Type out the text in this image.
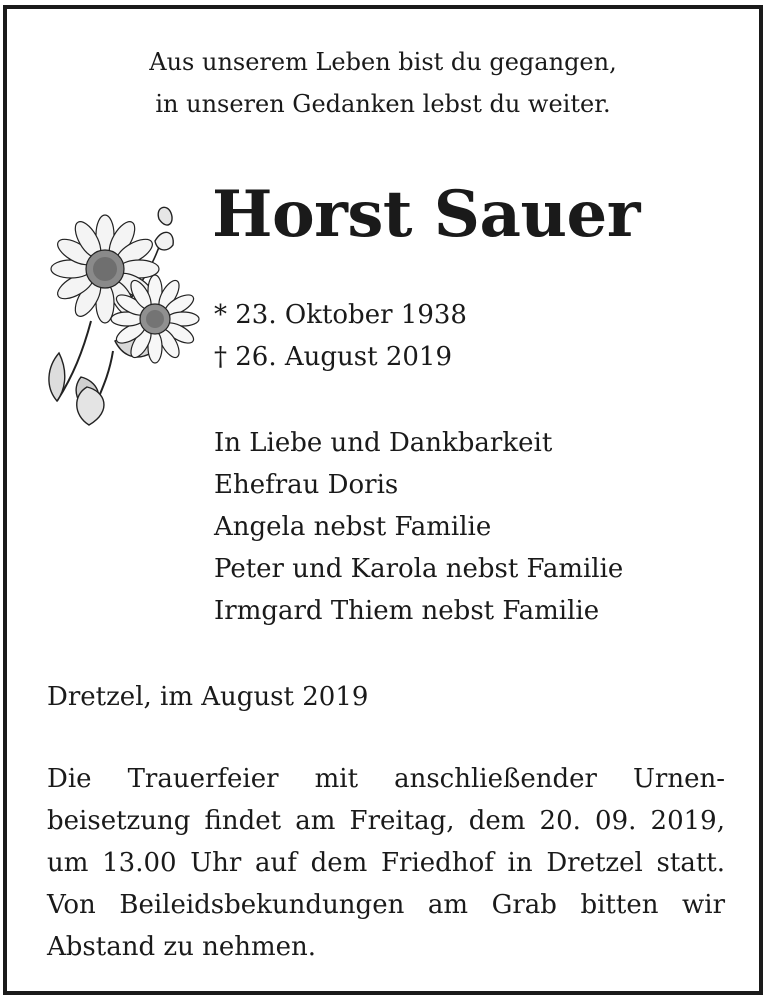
Aus unserem Leben bist du gegangen,
in unseren Gedanken lebst du weiter.
Horst Sauer
* 23. Oktober 1938
† 26. August 2019
In Liebe und Dankbarkeit
Ehefrau Doris
Angela nebst Familie
Peter und Karola nebst Familie
Irmgard Thiem nebst Familie
Dretzel, im August 2019
Die Trauerfeier mit anschließender Urnen-
beisetzung findet am Freitag, dem 20. 09. 2019,
um 13.00 Uhr auf dem Friedhof in Dretzel statt.
Von Beileidsbekundungen am Grab bitten wir
Abstand zu nehmen.
